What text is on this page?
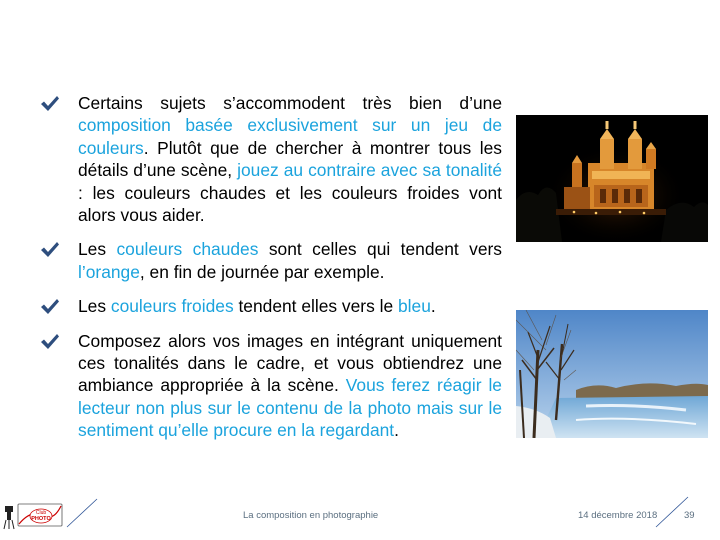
Certains sujets s’accommodent très bien d’une composition basée exclusivement sur un jeu de couleurs. Plutôt que de chercher à montrer tous les détails d’une scène, jouez au contraire avec sa tonalité : les couleurs chaudes et les couleurs froides vont alors vous aider.

Les couleurs chaudes sont celles qui tendent vers l’orange, en fin de journée par exemple.

Les couleurs froides tendent elles vers le bleu.

Composez alors vos images en intégrant uniquement ces tonalités dans le cadre, et vous obtiendrez une ambiance appropriée à la scène. Vous ferez réagir le lecteur non plus sur le contenu de la photo mais sur le sentiment qu’elle procure en la regardant.

Club
PHOTO	La composition en photographie	14 décembre 2018	39
